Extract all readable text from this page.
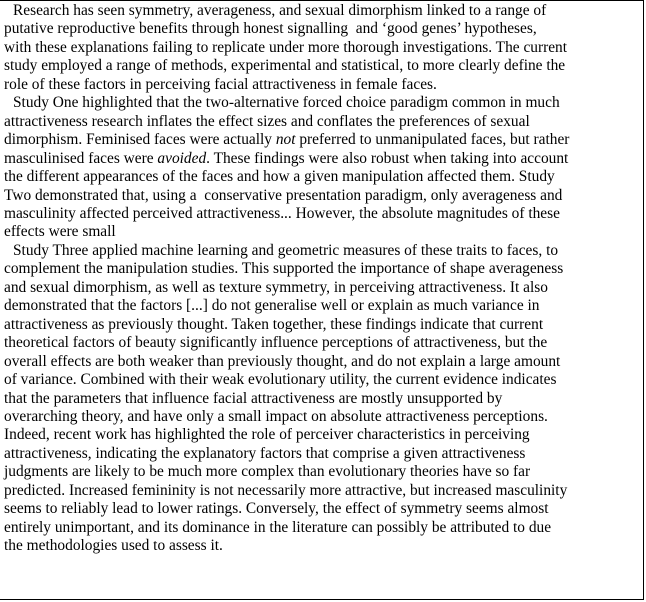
Research has seen symmetry, averageness, and sexual dimorphism linked to a range of
putative reproductive benefits through honest signalling  and ‘good genes’ hypotheses,
with these explanations failing to replicate under more thorough investigations. The current
study employed a range of methods, experimental and statistical, to more clearly define the
role of these factors in perceiving facial attractiveness in female faces.
Study One highlighted that the two-alternative forced choice paradigm common in much
attractiveness research inflates the effect sizes and conflates the preferences of sexual
dimorphism. Feminised faces were actually not preferred to unmanipulated faces, but rather
masculinised faces were avoided. These findings were also robust when taking into account
the different appearances of the faces and how a given manipulation affected them. Study
Two demonstrated that, using a  conservative presentation paradigm, only averageness and
masculinity affected perceived attractiveness... However, the absolute magnitudes of these
effects were small
Study Three applied machine learning and geometric measures of these traits to faces, to
complement the manipulation studies. This supported the importance of shape averageness
and sexual dimorphism, as well as texture symmetry, in perceiving attractiveness. It also
demonstrated that the factors [...] do not generalise well or explain as much variance in
attractiveness as previously thought. Taken together, these findings indicate that current
theoretical factors of beauty significantly influence perceptions of attractiveness, but the
overall effects are both weaker than previously thought, and do not explain a large amount
of variance. Combined with their weak evolutionary utility, the current evidence indicates
that the parameters that influence facial attractiveness are mostly unsupported by
overarching theory, and have only a small impact on absolute attractiveness perceptions.
Indeed, recent work has highlighted the role of perceiver characteristics in perceiving
attractiveness, indicating the explanatory factors that comprise a given attractiveness
judgments are likely to be much more complex than evolutionary theories have so far
predicted. Increased femininity is not necessarily more attractive, but increased masculinity
seems to reliably lead to lower ratings. Conversely, the effect of symmetry seems almost
entirely unimportant, and its dominance in the literature can possibly be attributed to due
the methodologies used to assess it.
